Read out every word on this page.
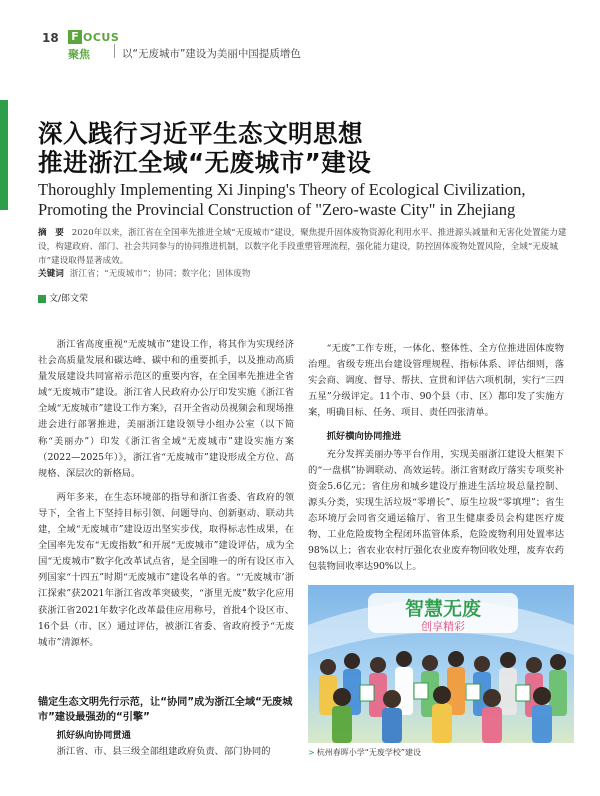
18 F OCUS
聚焦	以“无废城市”建设为美丽中国提质增色
深入践行习近平生态文明思想
推进浙江全域“无废城市”建设
Thoroughly Implementing Xi Jinping's Theory of Ecological Civilization, Promoting the Provincial Construction of "Zero-waste City" in Zhejiang
摘　要 2020年以来，浙江省在全国率先推进全域“无废城市”建设，聚焦提升固体废物资源化利用水平、推进源头减量和无害化处置能力建设，构建政府、部门、社会共同参与的协同推进机制，以数字化手段重塑管理流程，强化能力建设，防控固体废物处置风险，全域“无废城市”建设取得显著成效。
关键词 浙江省；“无废城市”；协同；数字化；固体废物
文/郎文荣

浙江省高度重视“无废城市”建设工作，将其作为实现经济社会高质量发展和碳达峰、碳中和的重要抓手，以及推动高质量发展建设共同富裕示范区的重要内容，在全国率先推进全省域“无废城市”建设。浙江省人民政府办公厅印发实施《浙江省全域“无废城市”建设工作方案》，召开全省动员视频会和现场推进会进行部署推进，美丽浙江建设领导小组办公室（以下简称“美丽办”）印发《浙江省全域“无废城市”建设实施方案（2022—2025年）》，浙江省“无废城市”建设形成全方位、高规格、深层次的新格局。

两年多来，在生态环境部的指导和浙江省委、省政府的领导下，全省上下坚持目标引领、问题导向、创新驱动、联动共建，全域“无废城市”建设迈出坚实步伐，取得标志性成果，在全国率先发布“无废指数”和开展“无废城市”建设评估，成为全国“无废城市”数字化改革试点省，是全国唯一的所有设区市入列国家“十四五”时期“无废城市”建设名单的省。“‘无废城市’浙江探索”获2021年浙江省改革突破奖，“浙里无废”数字化应用获浙江省2021年数字化改革最佳应用称号，首批4个设区市、16个县（市、区）通过评估，被浙江省委、省政府授予“无废城市”清源杯。

锚定生态文明先行示范，让“协同”成为浙江全域“无废城市”建设最强劲的“引擎”
抓好纵向协同贯通
浙江省、市、县三级全部组建政府负责、部门协同的

“无废”工作专班，一体化、整体性、全方位推进固体废物治理。省级专班出台建设管理规程、指标体系、评估细则，落实会商、调度、督导、帮扶、宣贯和评估六项机制，实行“三四五星”分级评定。11个市、90个县（市、区）都印发了实施方案，明确目标、任务、项目、责任四张清单。

抓好横向协同推进

充分发挥美丽办等平台作用，实现美丽浙江建设大框架下的“一盘棋”协调联动、高效运转。浙江省财政厅落实专项奖补资金5.6亿元；省住房和城乡建设厅推进生活垃圾总量控制、源头分类，实现生活垃圾“零增长”、原生垃圾“零填埋”；省生态环境厅会同省交通运输厅、省卫生健康委员会构建医疗废物、工业危险废物全程闭环监管体系，危险废物利用处置率达98%以上；省农业农村厅强化农业废弃物回收处理，废弃农药包装物回收率达90%以上。

智慧无废
创享精彩
> 杭州春晖小学“无废学校”建设
